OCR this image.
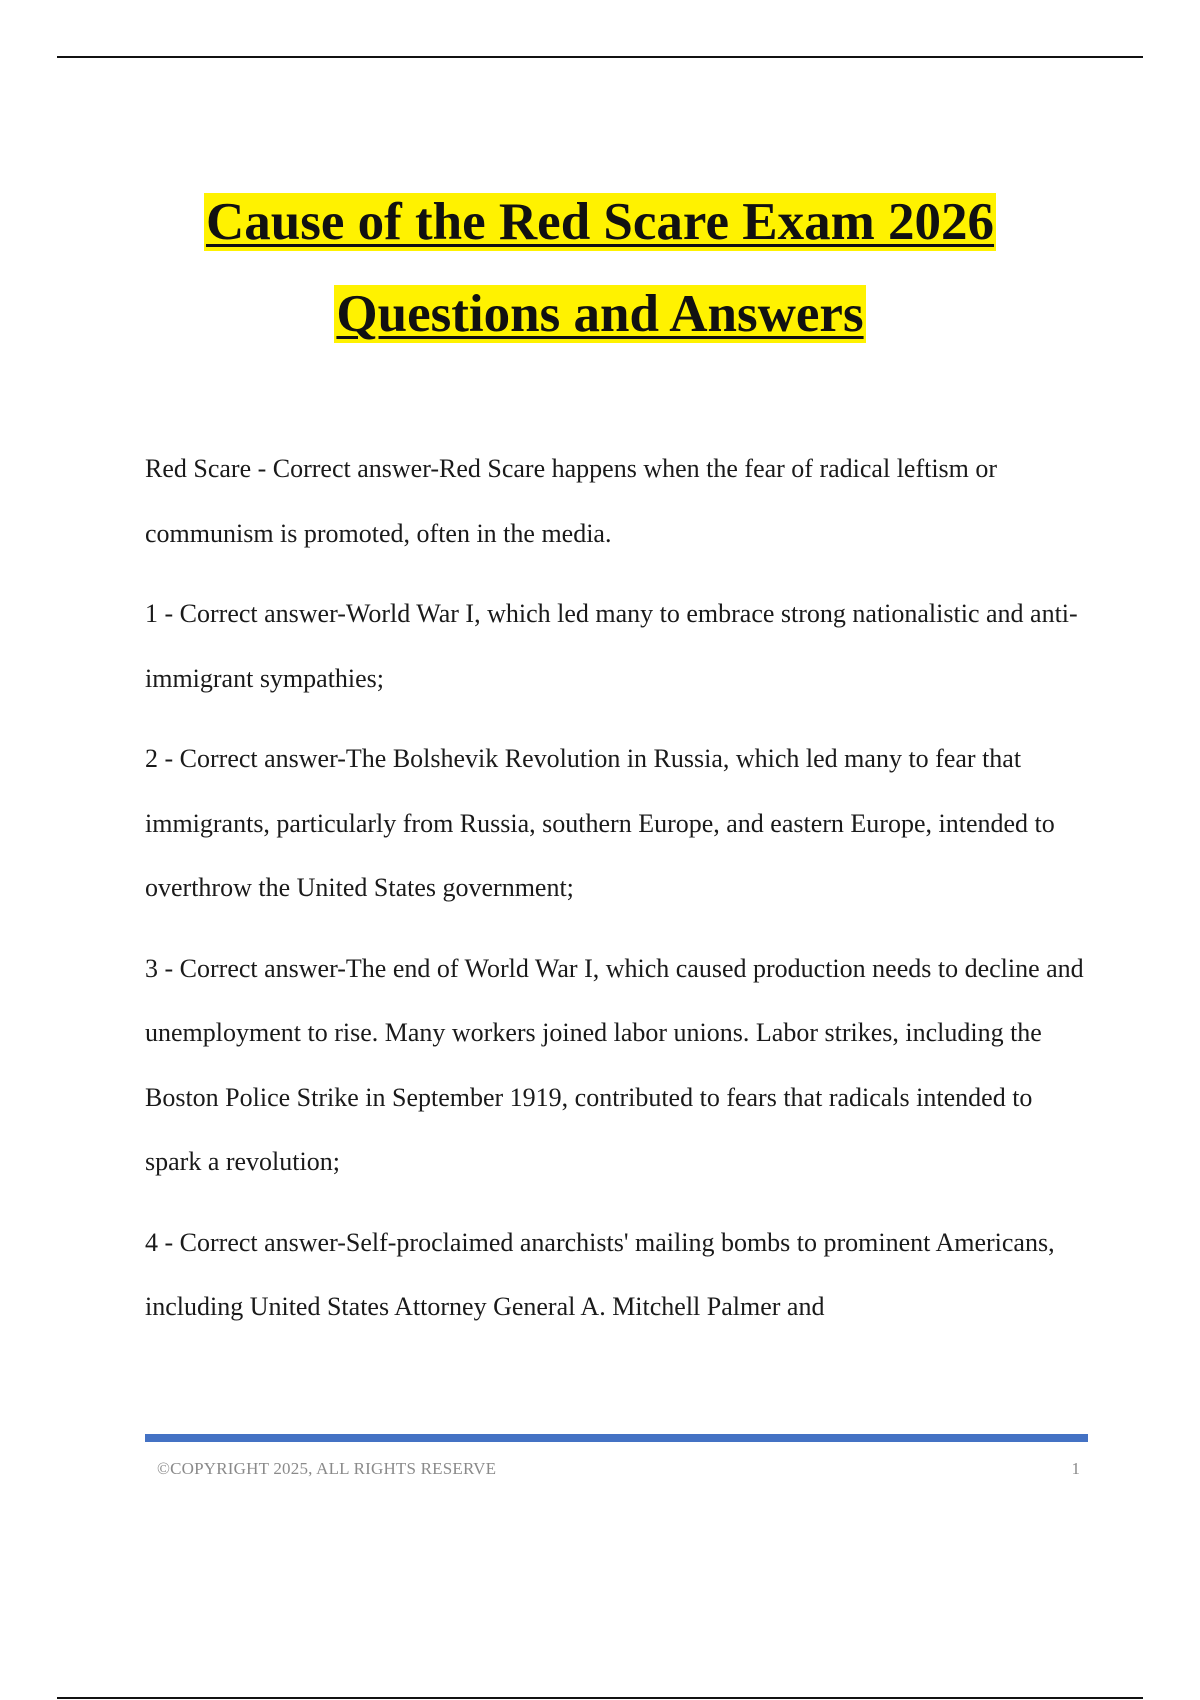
Cause of the Red Scare Exam 2026
Questions and Answers

Red Scare - Correct answer-Red Scare happens when the fear of radical leftism or communism is promoted, often in the media.

1 - Correct answer-World War I, which led many to embrace strong nationalistic and anti-immigrant sympathies;

2 - Correct answer-The Bolshevik Revolution in Russia, which led many to fear that immigrants, particularly from Russia, southern Europe, and eastern Europe, intended to overthrow the United States government;

3 - Correct answer-The end of World War I, which caused production needs to decline and unemployment to rise. Many workers joined labor unions. Labor strikes, including the Boston Police Strike in September 1919, contributed to fears that radicals intended to spark a revolution;

4 - Correct answer-Self-proclaimed anarchists' mailing bombs to prominent Americans, including United States Attorney General A. Mitchell Palmer and

©COPYRIGHT 2025, ALL RIGHTS RESERVE	1
